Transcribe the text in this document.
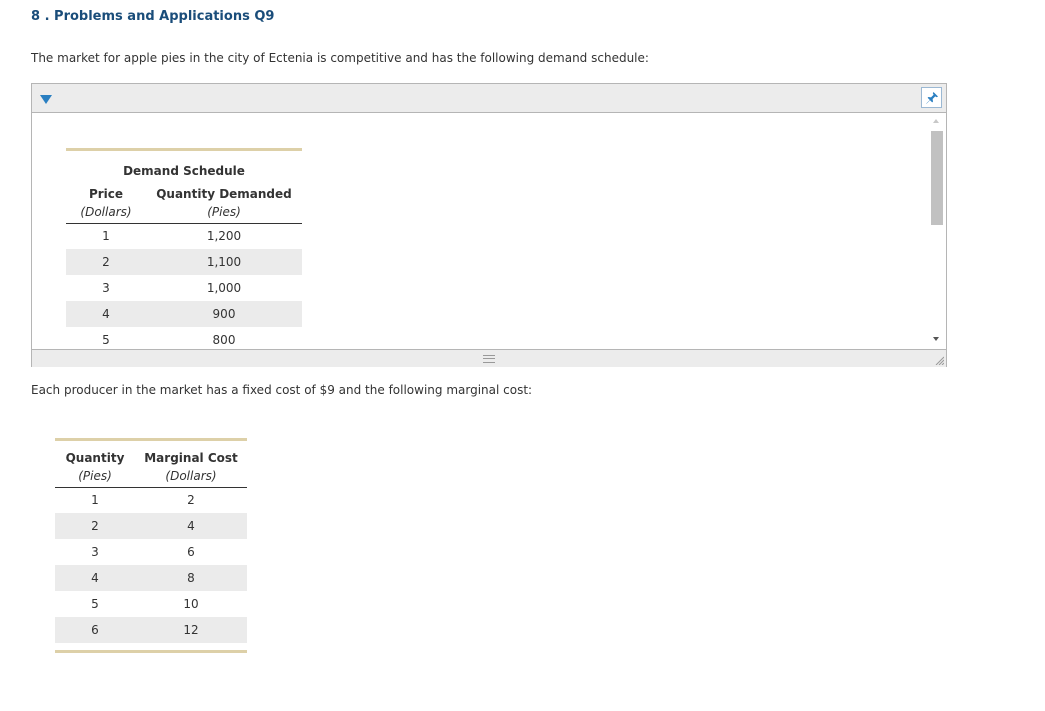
8 . Problems and Applications Q9
The market for apple pies in the city of Ectenia is competitive and has the following demand schedule:

Demand Schedule	
Price	Quantity Demanded
(Dollars)	(Pies)
1	1,200
2	1,100
3	1,000
4	900
5	800
Each producer in the market has a fixed cost of $9 and the following marginal cost:

Quantity	Marginal Cost
(Pies)	(Dollars)
1	2
2	4
3	6
4	8
5	10
6	12
